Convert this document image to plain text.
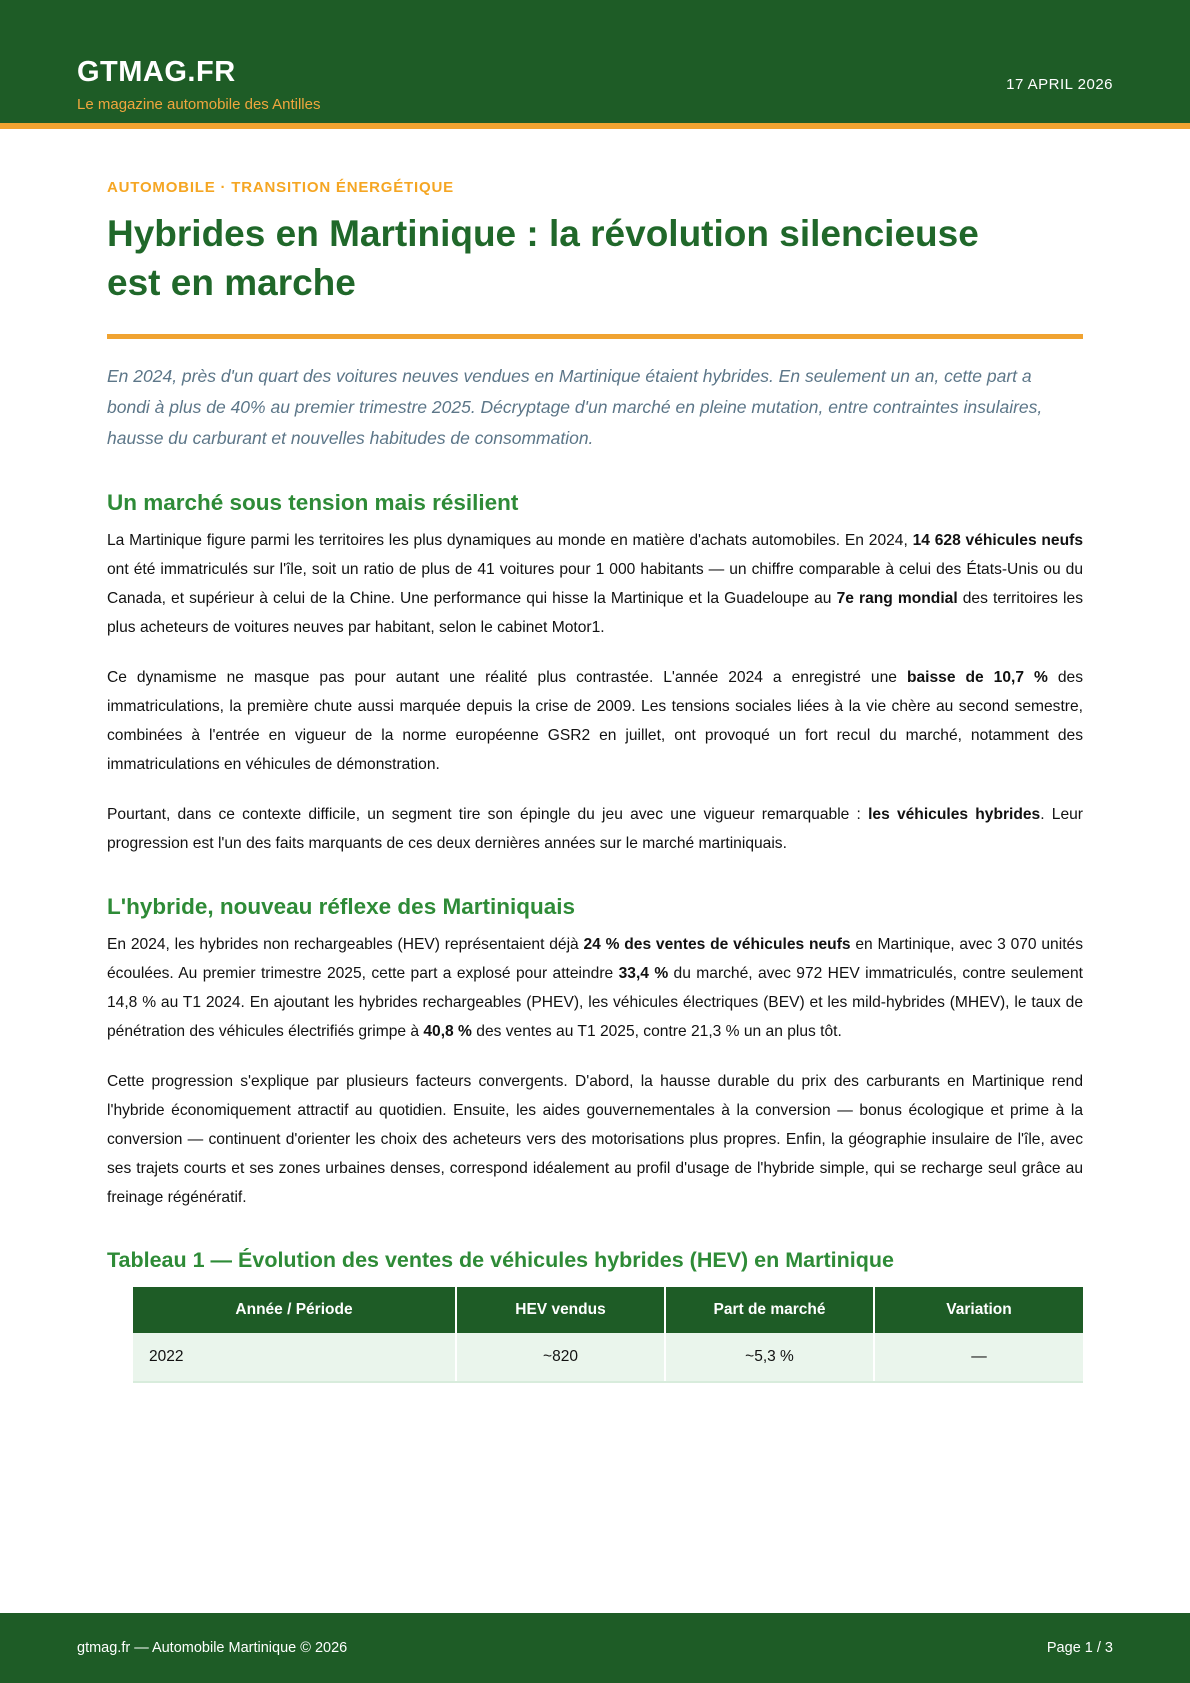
GTMAG.FR
Le magazine automobile des Antilles
17 APRIL 2026
AUTOMOBILE · TRANSITION ÉNERGÉTIQUE
Hybrides en Martinique : la révolution silencieuse est en marche

En 2024, près d'un quart des voitures neuves vendues en Martinique étaient hybrides. En seulement un an, cette part a bondi à plus de 40% au premier trimestre 2025. Décryptage d'un marché en pleine mutation, entre contraintes insulaires, hausse du carburant et nouvelles habitudes de consommation.

Un marché sous tension mais résilient

La Martinique figure parmi les territoires les plus dynamiques au monde en matière d'achats automobiles. En 2024, 14 628 véhicules neufs ont été immatriculés sur l'île, soit un ratio de plus de 41 voitures pour 1 000 habitants — un chiffre comparable à celui des États-Unis ou du Canada, et supérieur à celui de la Chine. Une performance qui hisse la Martinique et la Guadeloupe au 7e rang mondial des territoires les plus acheteurs de voitures neuves par habitant, selon le cabinet Motor1.

Ce dynamisme ne masque pas pour autant une réalité plus contrastée. L'année 2024 a enregistré une baisse de 10,7 % des immatriculations, la première chute aussi marquée depuis la crise de 2009. Les tensions sociales liées à la vie chère au second semestre, combinées à l'entrée en vigueur de la norme européenne GSR2 en juillet, ont provoqué un fort recul du marché, notamment des immatriculations en véhicules de démonstration.

Pourtant, dans ce contexte difficile, un segment tire son épingle du jeu avec une vigueur remarquable : les véhicules hybrides. Leur progression est l'un des faits marquants de ces deux dernières années sur le marché martiniquais.

L'hybride, nouveau réflexe des Martiniquais

En 2024, les hybrides non rechargeables (HEV) représentaient déjà 24 % des ventes de véhicules neufs en Martinique, avec 3 070 unités écoulées. Au premier trimestre 2025, cette part a explosé pour atteindre 33,4 % du marché, avec 972 HEV immatriculés, contre seulement 14,8 % au T1 2024. En ajoutant les hybrides rechargeables (PHEV), les véhicules électriques (BEV) et les mild-hybrides (MHEV), le taux de pénétration des véhicules électrifiés grimpe à 40,8 % des ventes au T1 2025, contre 21,3 % un an plus tôt.

Cette progression s'explique par plusieurs facteurs convergents. D'abord, la hausse durable du prix des carburants en Martinique rend l'hybride économiquement attractif au quotidien. Ensuite, les aides gouvernementales à la conversion — bonus écologique et prime à la conversion — continuent d'orienter les choix des acheteurs vers des motorisations plus propres. Enfin, la géographie insulaire de l'île, avec ses trajets courts et ses zones urbaines denses, correspond idéalement au profil d'usage de l'hybride simple, qui se recharge seul grâce au freinage régénératif.

Tableau 1 — Évolution des ventes de véhicules hybrides (HEV) en Martinique
Année / Période	HEV vendus	Part de marché	Variation
2022	~820	~5,3 %	—
gtmag.fr — Automobile Martinique © 2026	Page 1 / 3
